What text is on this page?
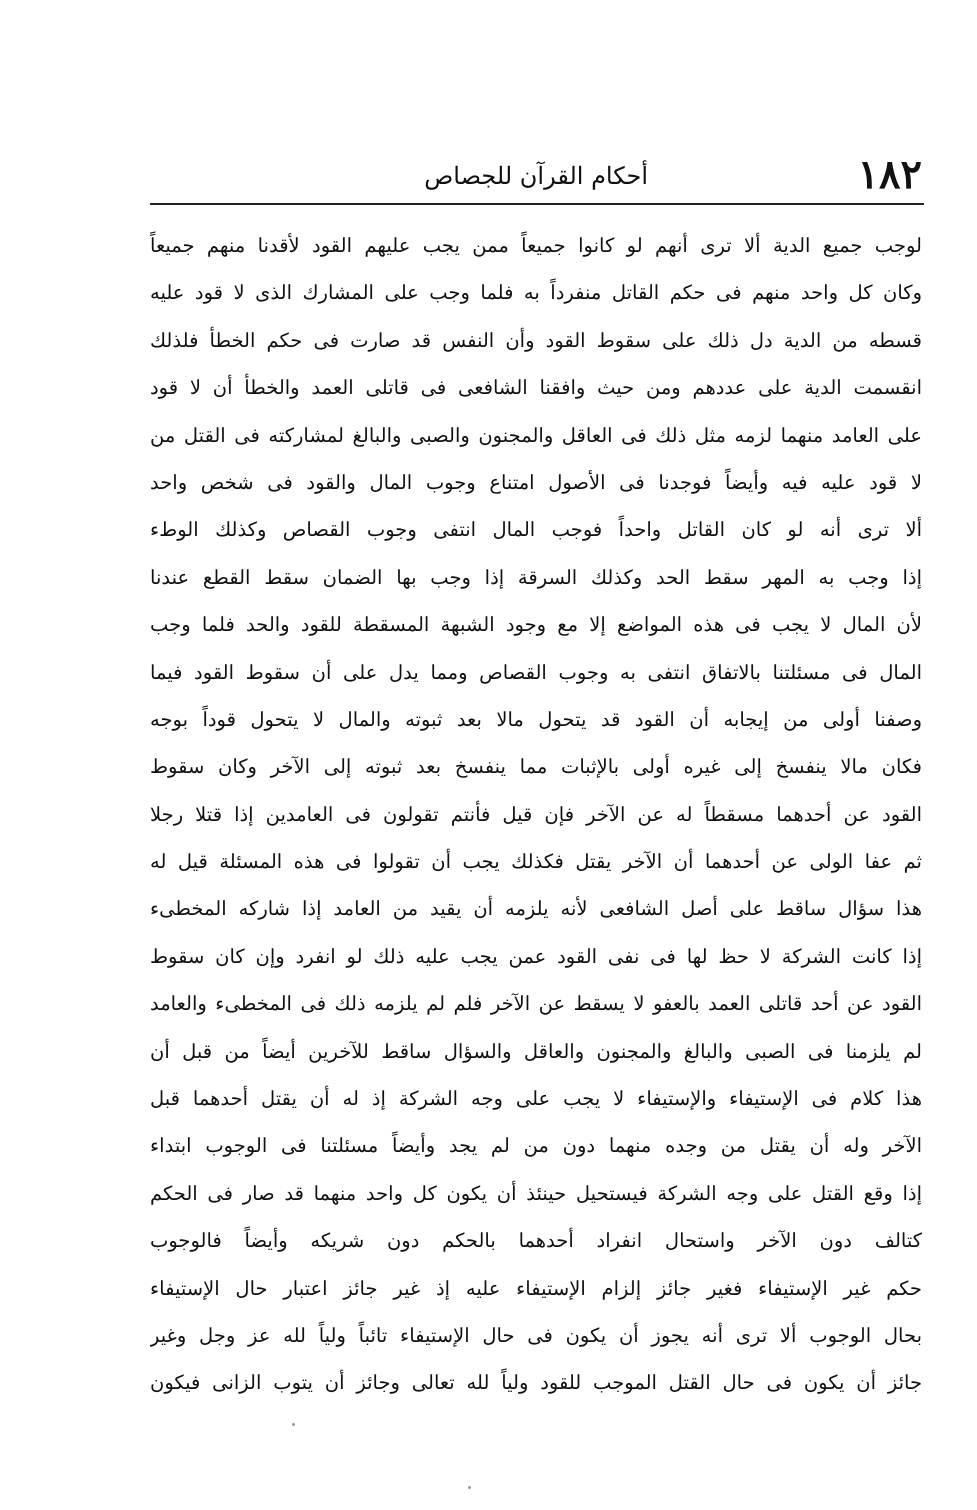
١٨٢
أحكام القرآن للجصاص
لوجب جميع الدية ألا ترى أنهم لو كانوا جميعاً ممن يجب عليهم القود لأقدنا منهم جميعاً
وكان كل واحد منهم فى حكم القاتل منفرداً به فلما وجب على المشارك الذى لا قود عليه
قسطه من الدية دل ذلك على سقوط القود وأن النفس قد صارت فى حكم الخطأ فلذلك
انقسمت الدية على عددهم ومن حيث وافقنا الشافعى فى قاتلى العمد والخطأ أن لا قود
على العامد منهما لزمه مثل ذلك فى العاقل والمجنون والصبى والبالغ لمشاركته فى القتل من
لا قود عليه فيه وأيضاً فوجدنا فى الأصول امتناع وجوب المال والقود فى شخص واحد
ألا ترى أنه لو كان القاتل واحداً فوجب المال انتفى وجوب القصاص وكذلك الوطء
إذا وجب به المهر سقط الحد وكذلك السرقة إذا وجب بها الضمان سقط القطع عندنا
لأن المال لا يجب فى هذه المواضع إلا مع وجود الشبهة المسقطة للقود والحد فلما وجب
المال فى مسئلتنا بالاتفاق انتفى به وجوب القصاص ومما يدل على أن سقوط القود فيما
وصفنا أولى من إيجابه أن القود قد يتحول مالا بعد ثبوته والمال لا يتحول قوداً بوجه
فكان مالا ينفسخ إلى غيره أولى بالإثبات مما ينفسخ بعد ثبوته إلى الآخر وكان سقوط
القود عن أحدهما مسقطاً له عن الآخر فإن قيل فأنتم تقولون فى العامدين إذا قتلا رجلا
ثم عفا الولى عن أحدهما أن الآخر يقتل فكذلك يجب أن تقولوا فى هذه المسئلة قيل له
هذا سؤال ساقط على أصل الشافعى لأنه يلزمه أن يقيد من العامد إذا شاركه المخطىء
إذا كانت الشركة لا حظ لها فى نفى القود عمن يجب عليه ذلك لو انفرد وإن كان سقوط
القود عن أحد قاتلى العمد بالعفو لا يسقط عن الآخر فلم لم يلزمه ذلك فى المخطىء والعامد
لم يلزمنا فى الصبى والبالغ والمجنون والعاقل والسؤال ساقط للآخرين أيضاً من قبل أن
هذا كلام فى الإستيفاء والإستيفاء لا يجب على وجه الشركة إذ له أن يقتل أحدهما قبل
الآخر وله أن يقتل من وجده منهما دون من لم يجد وأيضاً مسئلتنا فى الوجوب ابتداء
إذا وقع القتل على وجه الشركة فيستحيل حينئذ أن يكون كل واحد منهما قد صار فى الحكم
كتالف دون الآخر واستحال انفراد أحدهما بالحكم دون شريكه وأيضاً فالوجوب
حكم غير الإستيفاء فغير جائز إلزام الإستيفاء عليه إذ غير جائز اعتبار حال الإستيفاء
بحال الوجوب ألا ترى أنه يجوز أن يكون فى حال الإستيفاء تائباً ولياً لله عز وجل وغير
جائز أن يكون فى حال القتل الموجب للقود ولياً لله تعالى وجائز أن يتوب الزانى فيكون
